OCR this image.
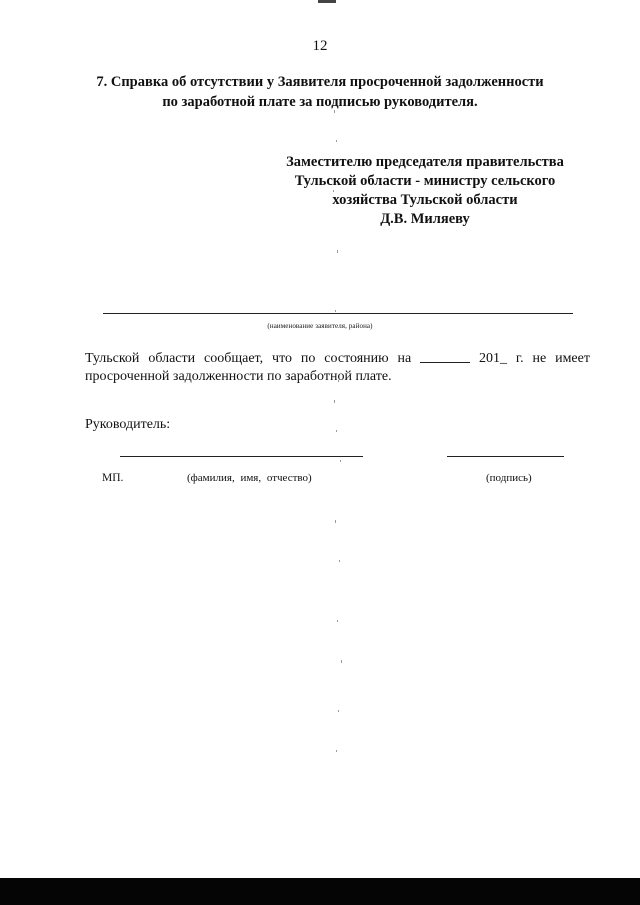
12
7. Справка об отсутствии у Заявителя просроченной задолженности
по заработной плате за подписью руководителя.
Заместителю председателя правительства
Тульской области - министру сельского
хозяйства Тульской области
Д.В. Миляеву
(наименование заявителя, района)
Тульской области сообщает, что по состоянию на	201_ г. не имеет
просроченной задолженности по заработной плате.
Руководитель:
МП.	(фамилия, имя, отчество)	(подпись)
